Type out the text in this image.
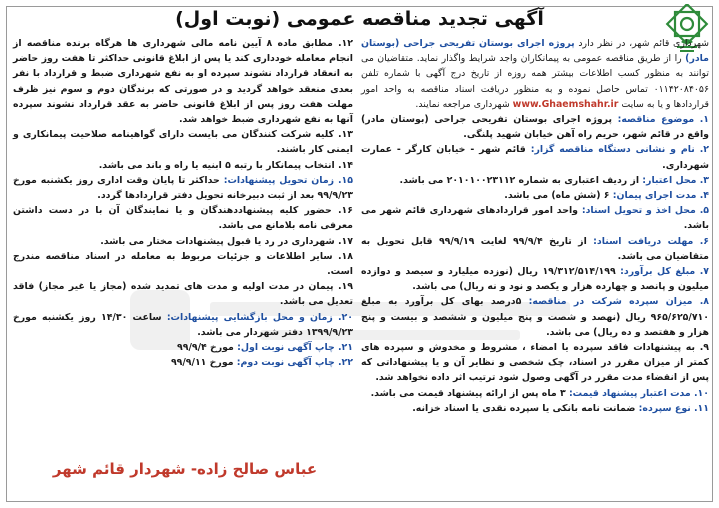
آگهی تجدید مناقصه عمومی (نوبت اول)

شهرداری قائم شهر، در نظر دارد پروژه اجرای بوستان تفریحی جراحی (بوستان مادر) را از طریق مناقصه عمومی به پیمانکاران واجد شرایط واگذار نماید. متقاضیان می توانند به منظور کسب اطلاعات بیشتر همه روزه از تاریخ درج آگهی با شماره تلفن ۰۱۱۴۲۰۸۴۰۵۶ تماس حاصل نموده و به منظور دریافت اسناد مناقصه به واحد امور قراردادها و یا به سایت www.Ghaemshahr.ir شهرداری مراجعه نمایند.

۱. موضوع مناقصه: پروژه اجرای بوستان تفریحی جراحی (بوستان مادر) واقع در قائم شهر، حریم راه آهن خیابان شهید پلنگی.

۲. نام و نشانی دستگاه مناقصه گزار: قائم شهر - خیابان کارگر - عمارت شهرداری.

۳. محل اعتبار: از ردیف اعتباری به شماره ۲۰۱۰۱۰۰۲۳۱۱۲ می باشد.

۴. مدت اجرای پیمان: ۶ (شش ماه) می باشد.

۵. محل اخذ و تحویل اسناد: واحد امور قراردادهای شهرداری قائم شهر می باشد.

۶. مهلت دریافت اسناد: از تاریخ ۹۹/۹/۴ لغایت ۹۹/۹/۱۹ قابل تحویل به متقاضیان می باشد.

۷. مبلغ کل برآورد: ۱۹/۳۱۲/۵۱۴/۱۹۹ ریال (نوزده میلیارد و سیصد و دوازده میلیون و پانصد و چهارده هزار و یکصد و نود و نه ریال) می باشد.

۸. میزان سپرده شرکت در مناقصه: ۵درصد بهای کل برآورد به مبلغ ۹۶۵/۶۲۵/۷۱۰ ریال (نهصد و شصت و پنج میلیون و ششصد و بیست و پنج هزار و هفتصد و ده ریال) می باشد.

۹. به پیشنهادات فاقد سپرده یا امضاء ، مشروط و مخدوش و سپرده های کمتر از میزان مقرر در اسناد، چک شخصی و نظایر آن و یا پیشنهاداتی که پس از انقضاء مدت مقرر در آگهی وصول شود ترتیب اثر داده نخواهد شد.

۱۰. مدت اعتبار پیشنهاد قیمت: ۳ ماه پس از ارائه پیشنهاد قیمت می باشد.

۱۱. نوع سپرده: ضمانت نامه بانکی یا سپرده نقدی یا اسناد خزانه.

۱۲. مطابق ماده ۸ آیین نامه مالی شهرداری ها هرگاه برنده مناقصه از انجام معامله خودداری کند یا پس از ابلاغ قانونی حداکثر تا هفت روز حاضر به انعقاد قرارداد نشوند سپرده او به نفع شهرداری ضبط و قرارداد با نفر بعدی منعقد خواهد گردید و در صورتی که برندگان دوم و سوم نیز ظرف مهلت هفت روز پس از ابلاغ قانونی حاضر به عقد قرارداد نشوند سپرده آنها به نفع شهرداری ضبط خواهد شد.

۱۳. کلیه شرکت کنندگان می بایست دارای گواهینامه صلاحیت پیمانکاری و ایمنی کار باشند.

۱۴. انتخاب پیمانکار با رتبه ۵ ابنیه یا راه و باند می باشد.

۱۵. زمان تحویل پیشنهادات: حداکثر تا پایان وقت اداری روز یکشنبه مورخ ۹۹/۹/۲۳ بعد از ثبت دبیرخانه تحویل دفتر قراردادها گردد.

۱۶. حضور کلیه پیشنهاددهندگان و یا نمایندگان آن با در دست داشتن معرفی نامه بلامانع می باشد.

۱۷. شهرداری در رد یا قبول پیشنهادات مختار می باشد.

۱۸. سایر اطلاعات و جزئیات مربوط به معامله در اسناد مناقصه مندرج است.

۱۹. پیمان در مدت اولیه و مدت های تمدید شده (مجاز یا غیر مجاز) فاقد تعدیل می باشد.

۲۰. زمان و محل بازگشایی پیشنهادات: ساعت ۱۴/۳۰ روز یکشنبه مورخ ۱۳۹۹/۹/۲۳ دفتر شهردار می باشد.

۲۱. چاپ آگهی نوبت اول: مورخ ۹۹/۹/۴

۲۲. چاپ آگهی نوبت دوم: مورخ ۹۹/۹/۱۱

عباس صالح زاده- شهردار قائم شهر
